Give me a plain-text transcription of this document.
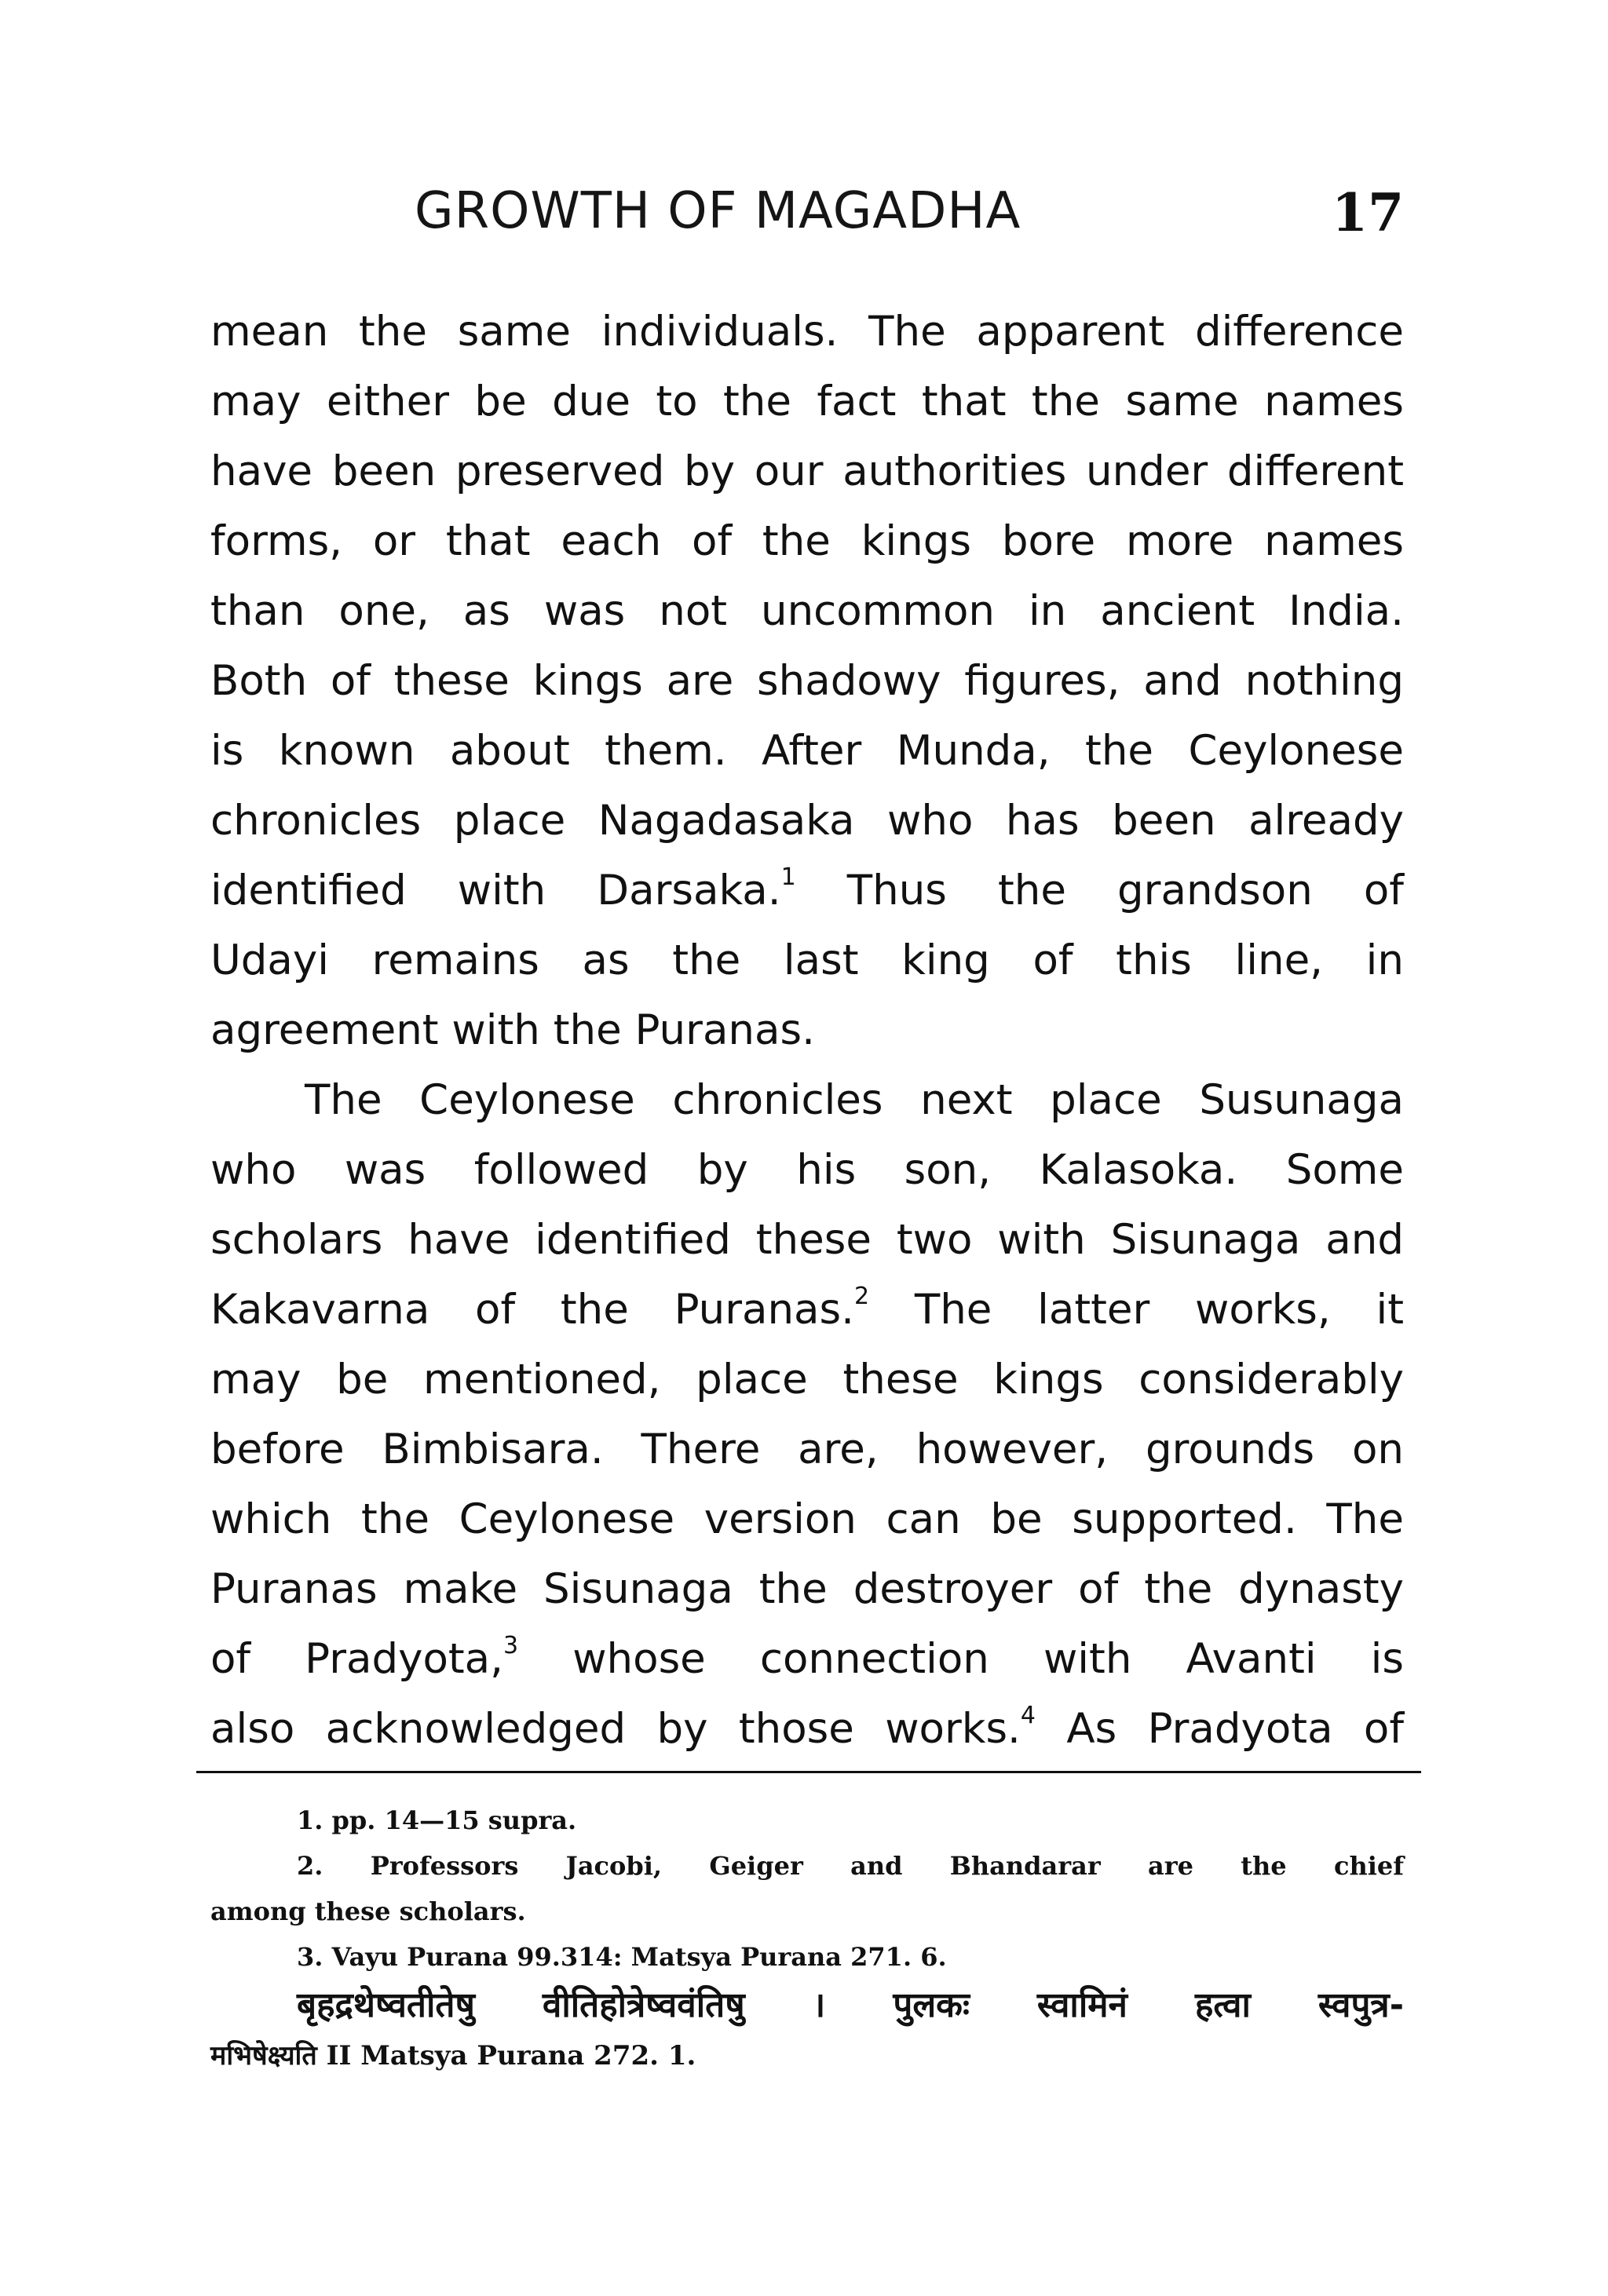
GROWTH OF MAGADHA	17

mean the same individuals. The apparent difference

may either be due to the fact that the same names

have been preserved by our authorities under different

forms, or that each of the kings bore more names

than one, as was not uncommon in ancient India.

Both of these kings are shadowy figures, and nothing

is known about them. After Munda, the Ceylonese

chronicles place Nagadasaka who has been already

identified with Darsaka.$^1$ Thus the grandson of

Udayi remains as the last king of this line, in

agreement with the Puranas.

The Ceylonese chronicles next place Susunaga

who was followed by his son, Kalasoka. Some

scholars have identified these two with Sisunaga and

Kakavarna of the Puranas.$^2$ The latter works, it

may be mentioned, place these kings considerably

before Bimbisara. There are, however, grounds on

which the Ceylonese version can be supported. The

Puranas make Sisunaga the destroyer of the dynasty

of Pradyota,$^3$ whose connection with Avanti is

also acknowledged by those works.$^4$ As Pradyota of

1. pp. 14—15 supra.

2. Professors Jacobi, Geiger and Bhandarar are the chief

among these scholars.

3. Vayu Purana 99.314: Matsya Purana 271. 6.

बृहद्रथेष्वतीतेषु वीतिहोत्रेष्ववंतिषु । पुलकः स्वामिनं हत्वा स्वपुत्र-

मभिषेक्ष्यति II Matsya Purana 272. 1.
